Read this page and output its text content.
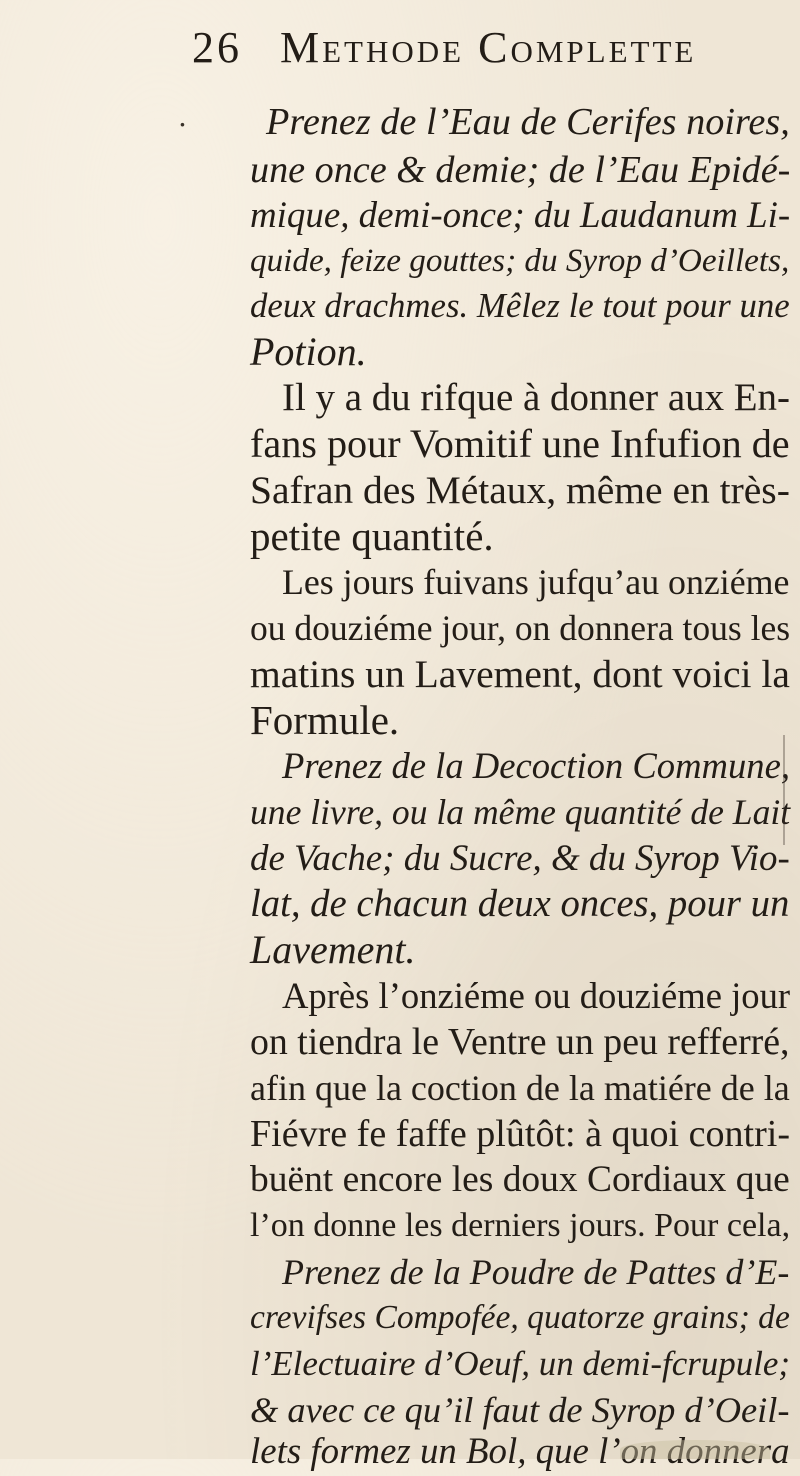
26 Methode Complette
. Prenez de l’Eau de Cerifes noires,
une once & demie; de l’Eau Epidé-
mique, demi-once; du Laudanum Li-
quide, feize gouttes; du Syrop d’Oeillets,
deux drachmes. Mêlez le tout pour une
Potion.
Il y a du rifque à donner aux En-
fans pour Vomitif une Infufion de
Safran des Métaux, même en très-
petite quantité.
Les jours fuivans jufqu’au onziéme
ou douziéme jour, on donnera tous les
matins un Lavement, dont voici la
Formule.
Prenez de la Decoction Commune,
une livre, ou la même quantité de Lait
de Vache; du Sucre, & du Syrop Vio-
lat, de chacun deux onces, pour un
Lavement.
Après l’onziéme ou douziéme jour
on tiendra le Ventre un peu refferré,
afin que la coction de la matiére de la
Fiévre fe faffe plûtôt: à quoi contri-
buënt encore les doux Cordiaux que
l’on donne les derniers jours. Pour cela,
Prenez de la Poudre de Pattes d’E-
crevifses Compofée, quatorze grains; de
l’Electuaire d’Oeuf, un demi-fcrupule;
& avec ce qu’il faut de Syrop d’Oeil-
lets formez un Bol, que l’on donnera
